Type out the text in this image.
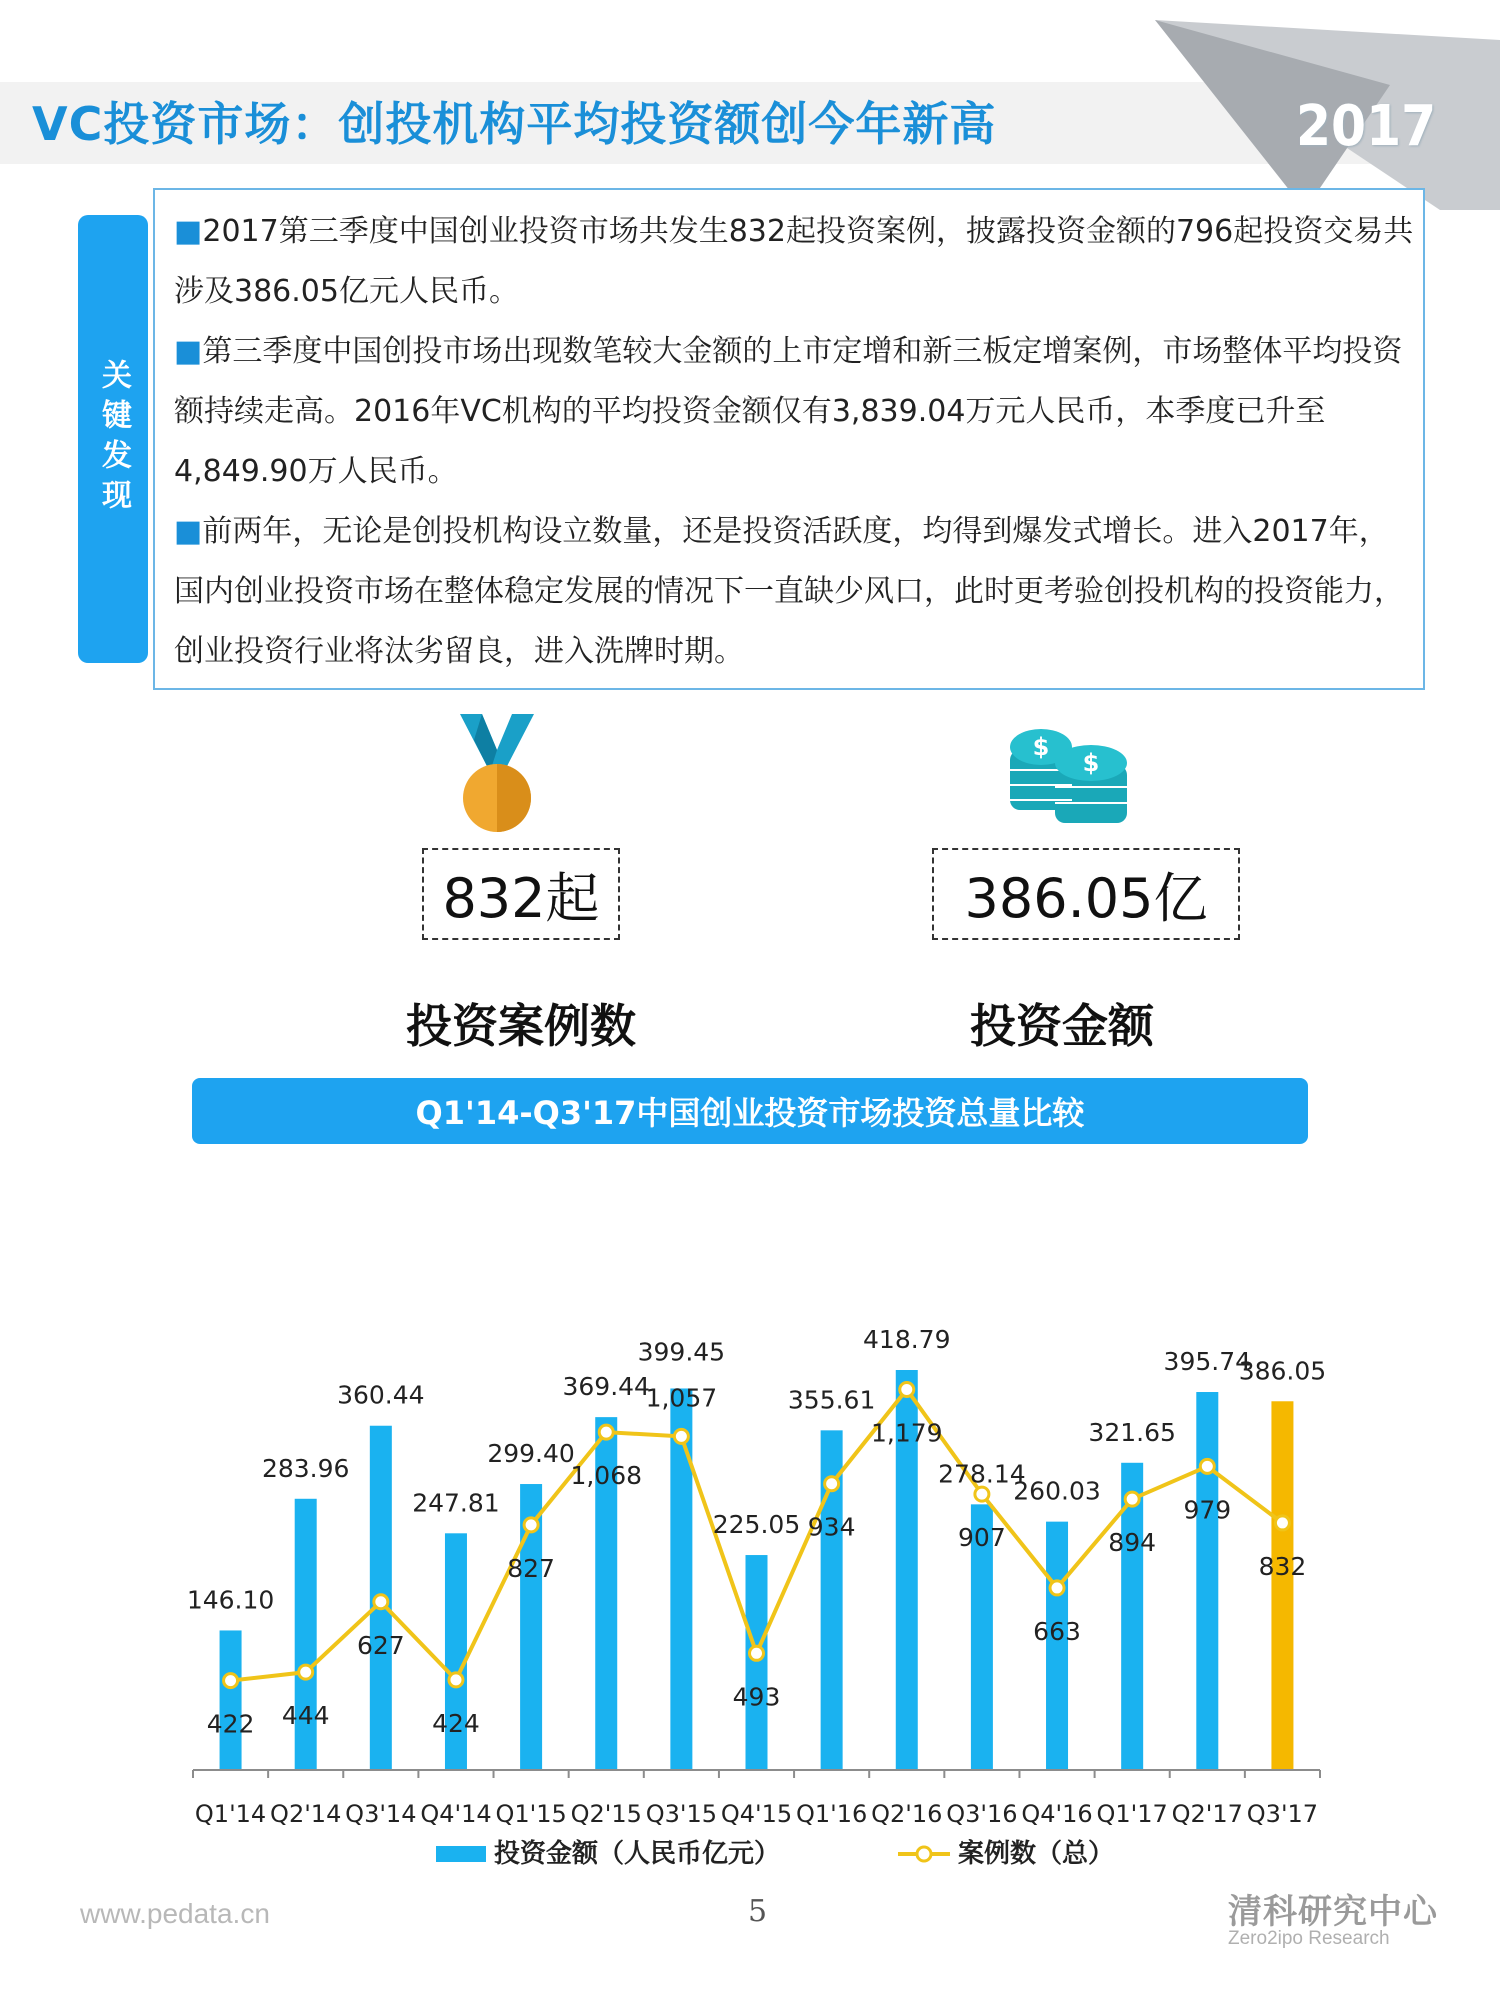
VC投资市场：创投机构平均投资额创今年新高	2017
关键发现

■2017第三季度中国创业投资市场共发生832起投资案例，披露投资金额的796起投资交易共涉及386.05亿元人民币。

■第三季度中国创投市场出现数笔较大金额的上市定增和新三板定增案例，市场整体平均投资额持续走高。2016年VC机构的平均投资金额仅有3,839.04万元人民币，本季度已升至4,849.90万人民币。

■前两年，无论是创投机构设立数量，还是投资活跃度，均得到爆发式增长。进入2017年，国内创业投资市场在整体稳定发展的情况下一直缺少风口，此时更考验创投机构的投资能力，创业投资行业将汰劣留良，进入洗牌时期。

$
$
832起	386.05亿
投资案例数	投资金额
Q1'14-Q3'17中国创业投资市场投资总量比较
146.10
283.96
360.44
247.81
299.40
369.44
399.45
225.05
355.61
418.79
278.14
260.03
321.65
395.74
386.05
422 444
627
424
827
1,068
1,057
493
934
1,179
907
663
894
979
832
Q1'14 Q2'14 Q3'14 Q4'14 Q1'15 Q2'15 Q3'15 Q4'15 Q1'16 Q2'16 Q3'16 Q4'16 Q1'17 Q2'17 Q3'17
投资金额（人民币亿元）	案例数（总）
www.pedata.cn	5	清科研究中心
Zero2ipo Research
